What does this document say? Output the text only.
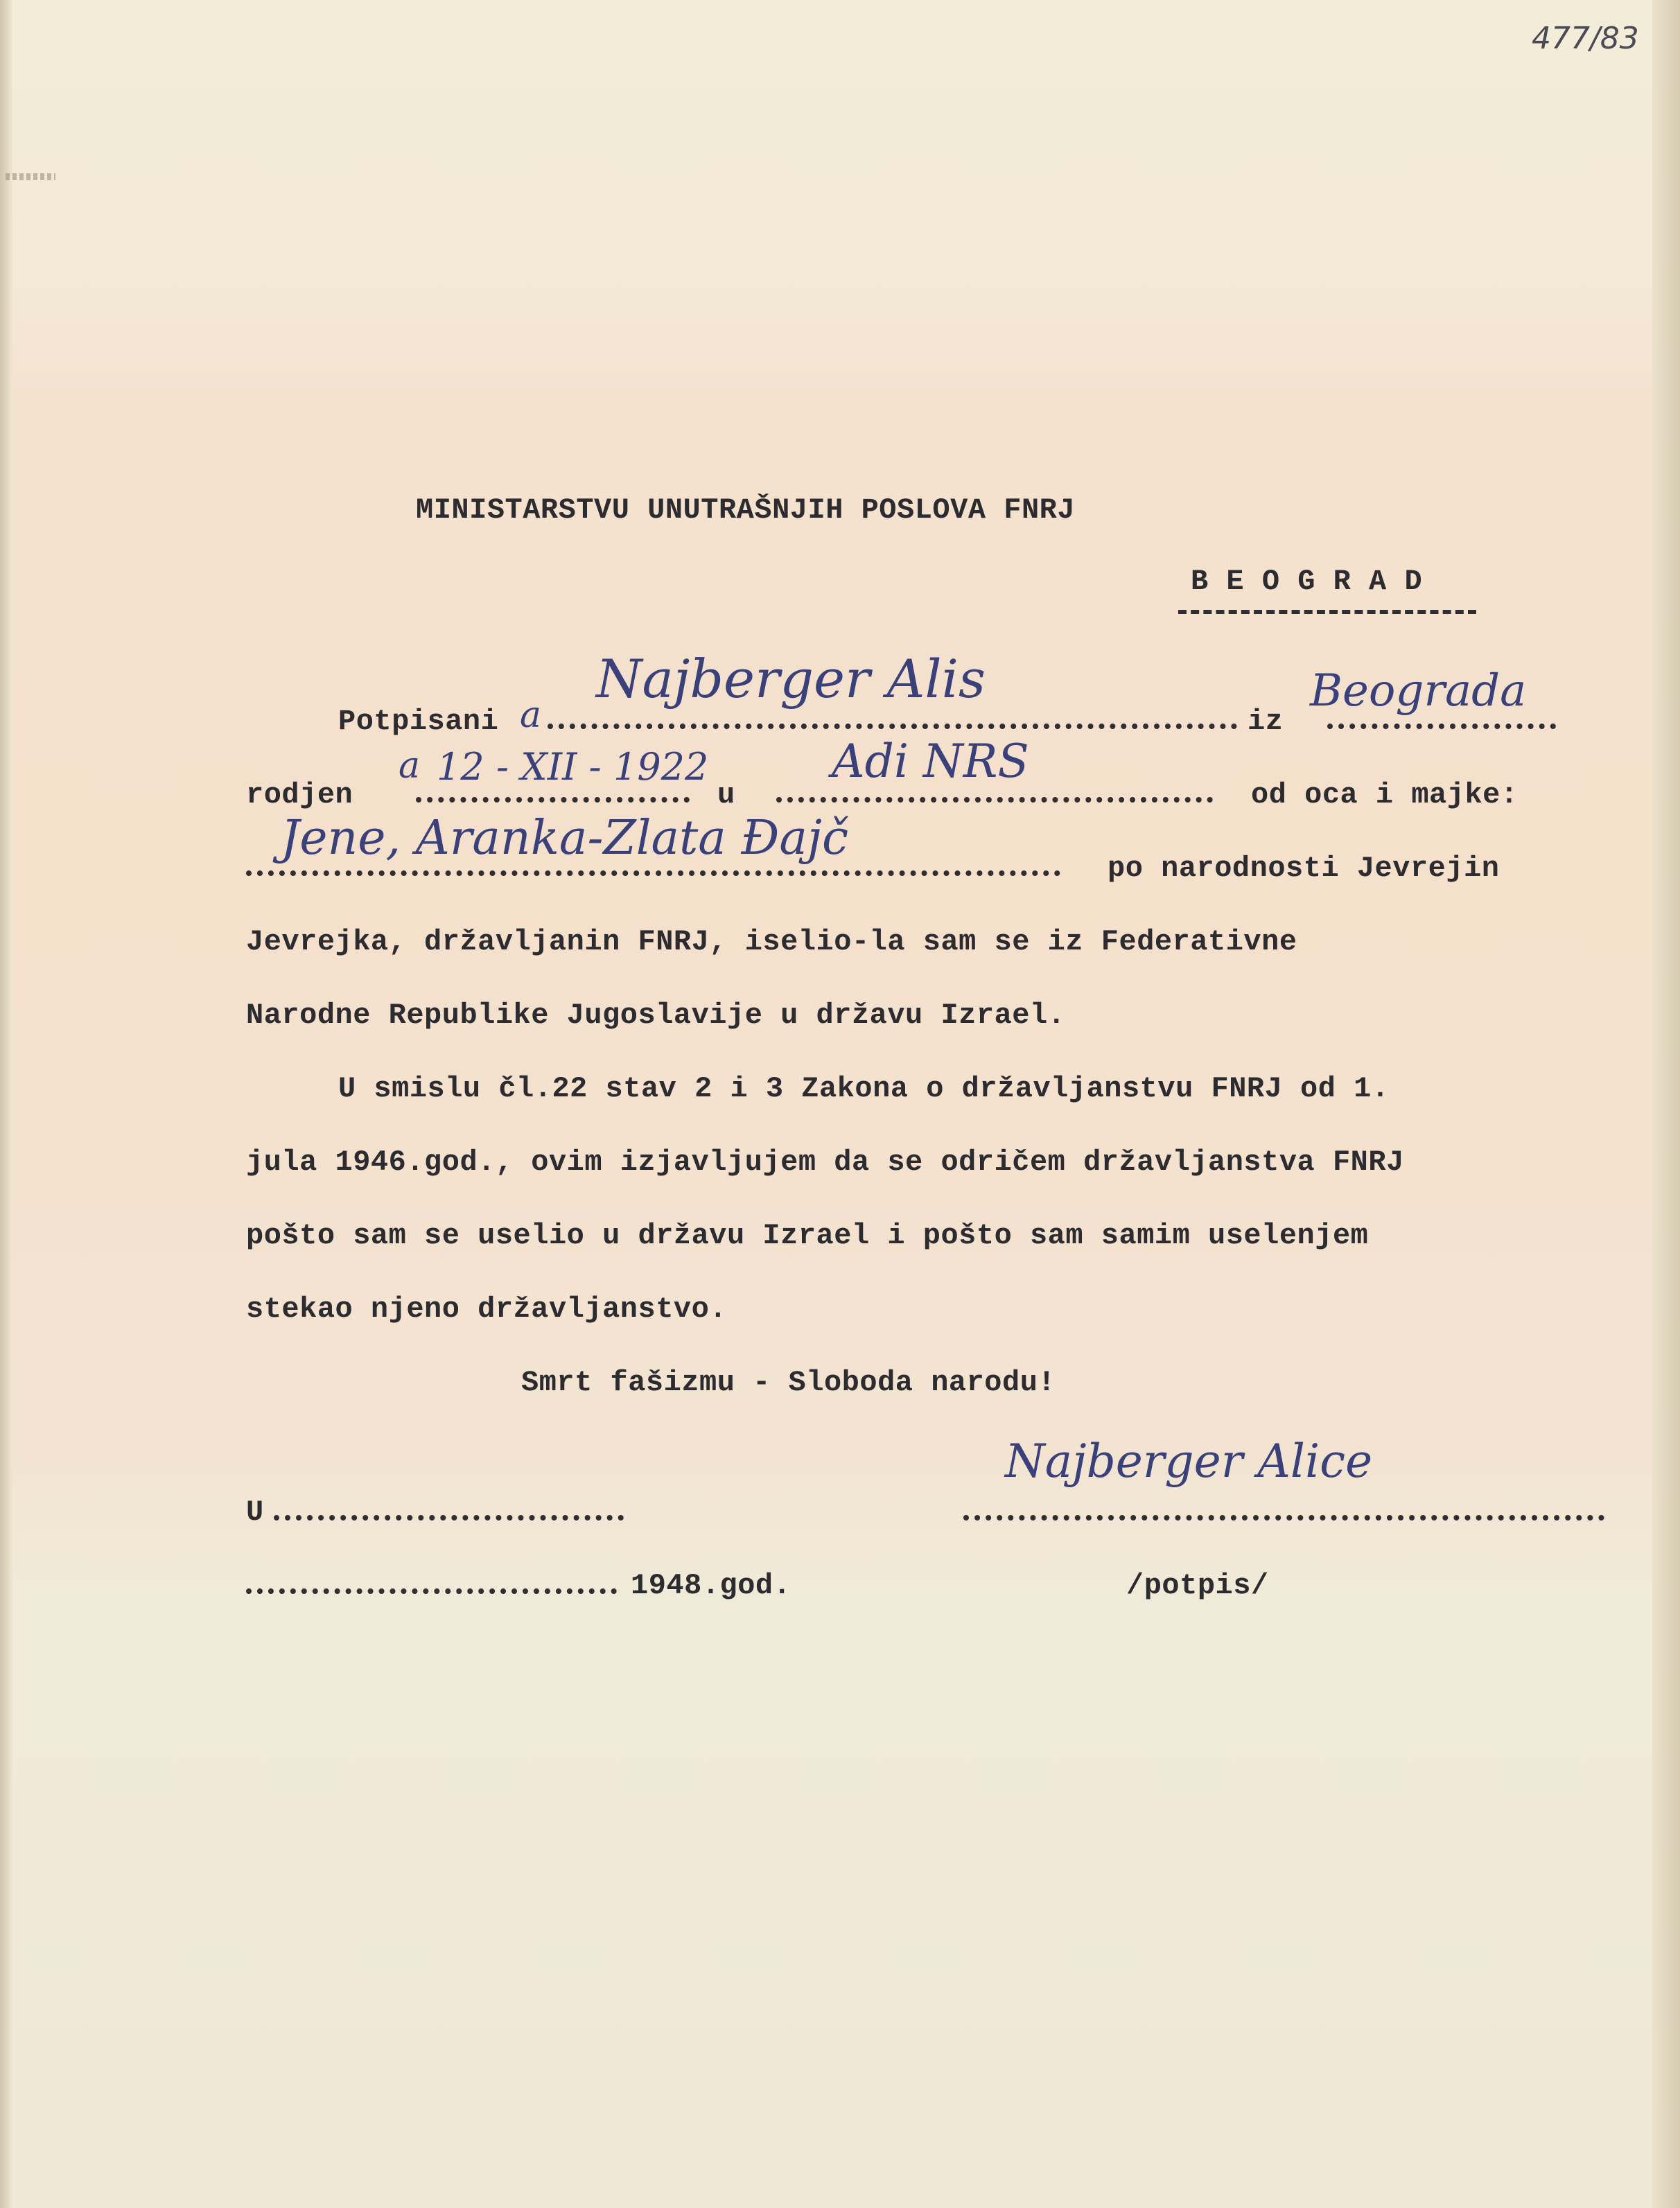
477/83
MINISTARSTVU UNUTRAŠNJIH POSLOVA FNRJ
B E O G R A D
Potpisani a
Najberger Alis
iz
Beograda
rodjen
a 12 - XII - 1922
u
Adi NRS
od oca i majke:
Jene, Aranka-Zlata Đajč
po narodnosti Jevrejin
Jevrejka, državljanin FNRJ, iselio-la sam se iz Federativne
Narodne Republike Jugoslavije u državu Izrael.
U smislu čl.22 stav 2 i 3 Zakona o državljanstvu FNRJ od 1.
jula 1946.god., ovim izjavljujem da se odričem državljanstva FNRJ
pošto sam se uselio u državu Izrael i pošto sam samim uselenjem
stekao njeno državljanstvo.
Smrt fašizmu - Sloboda narodu!
U
Najberger Alice
1948.god.	/potpis/
